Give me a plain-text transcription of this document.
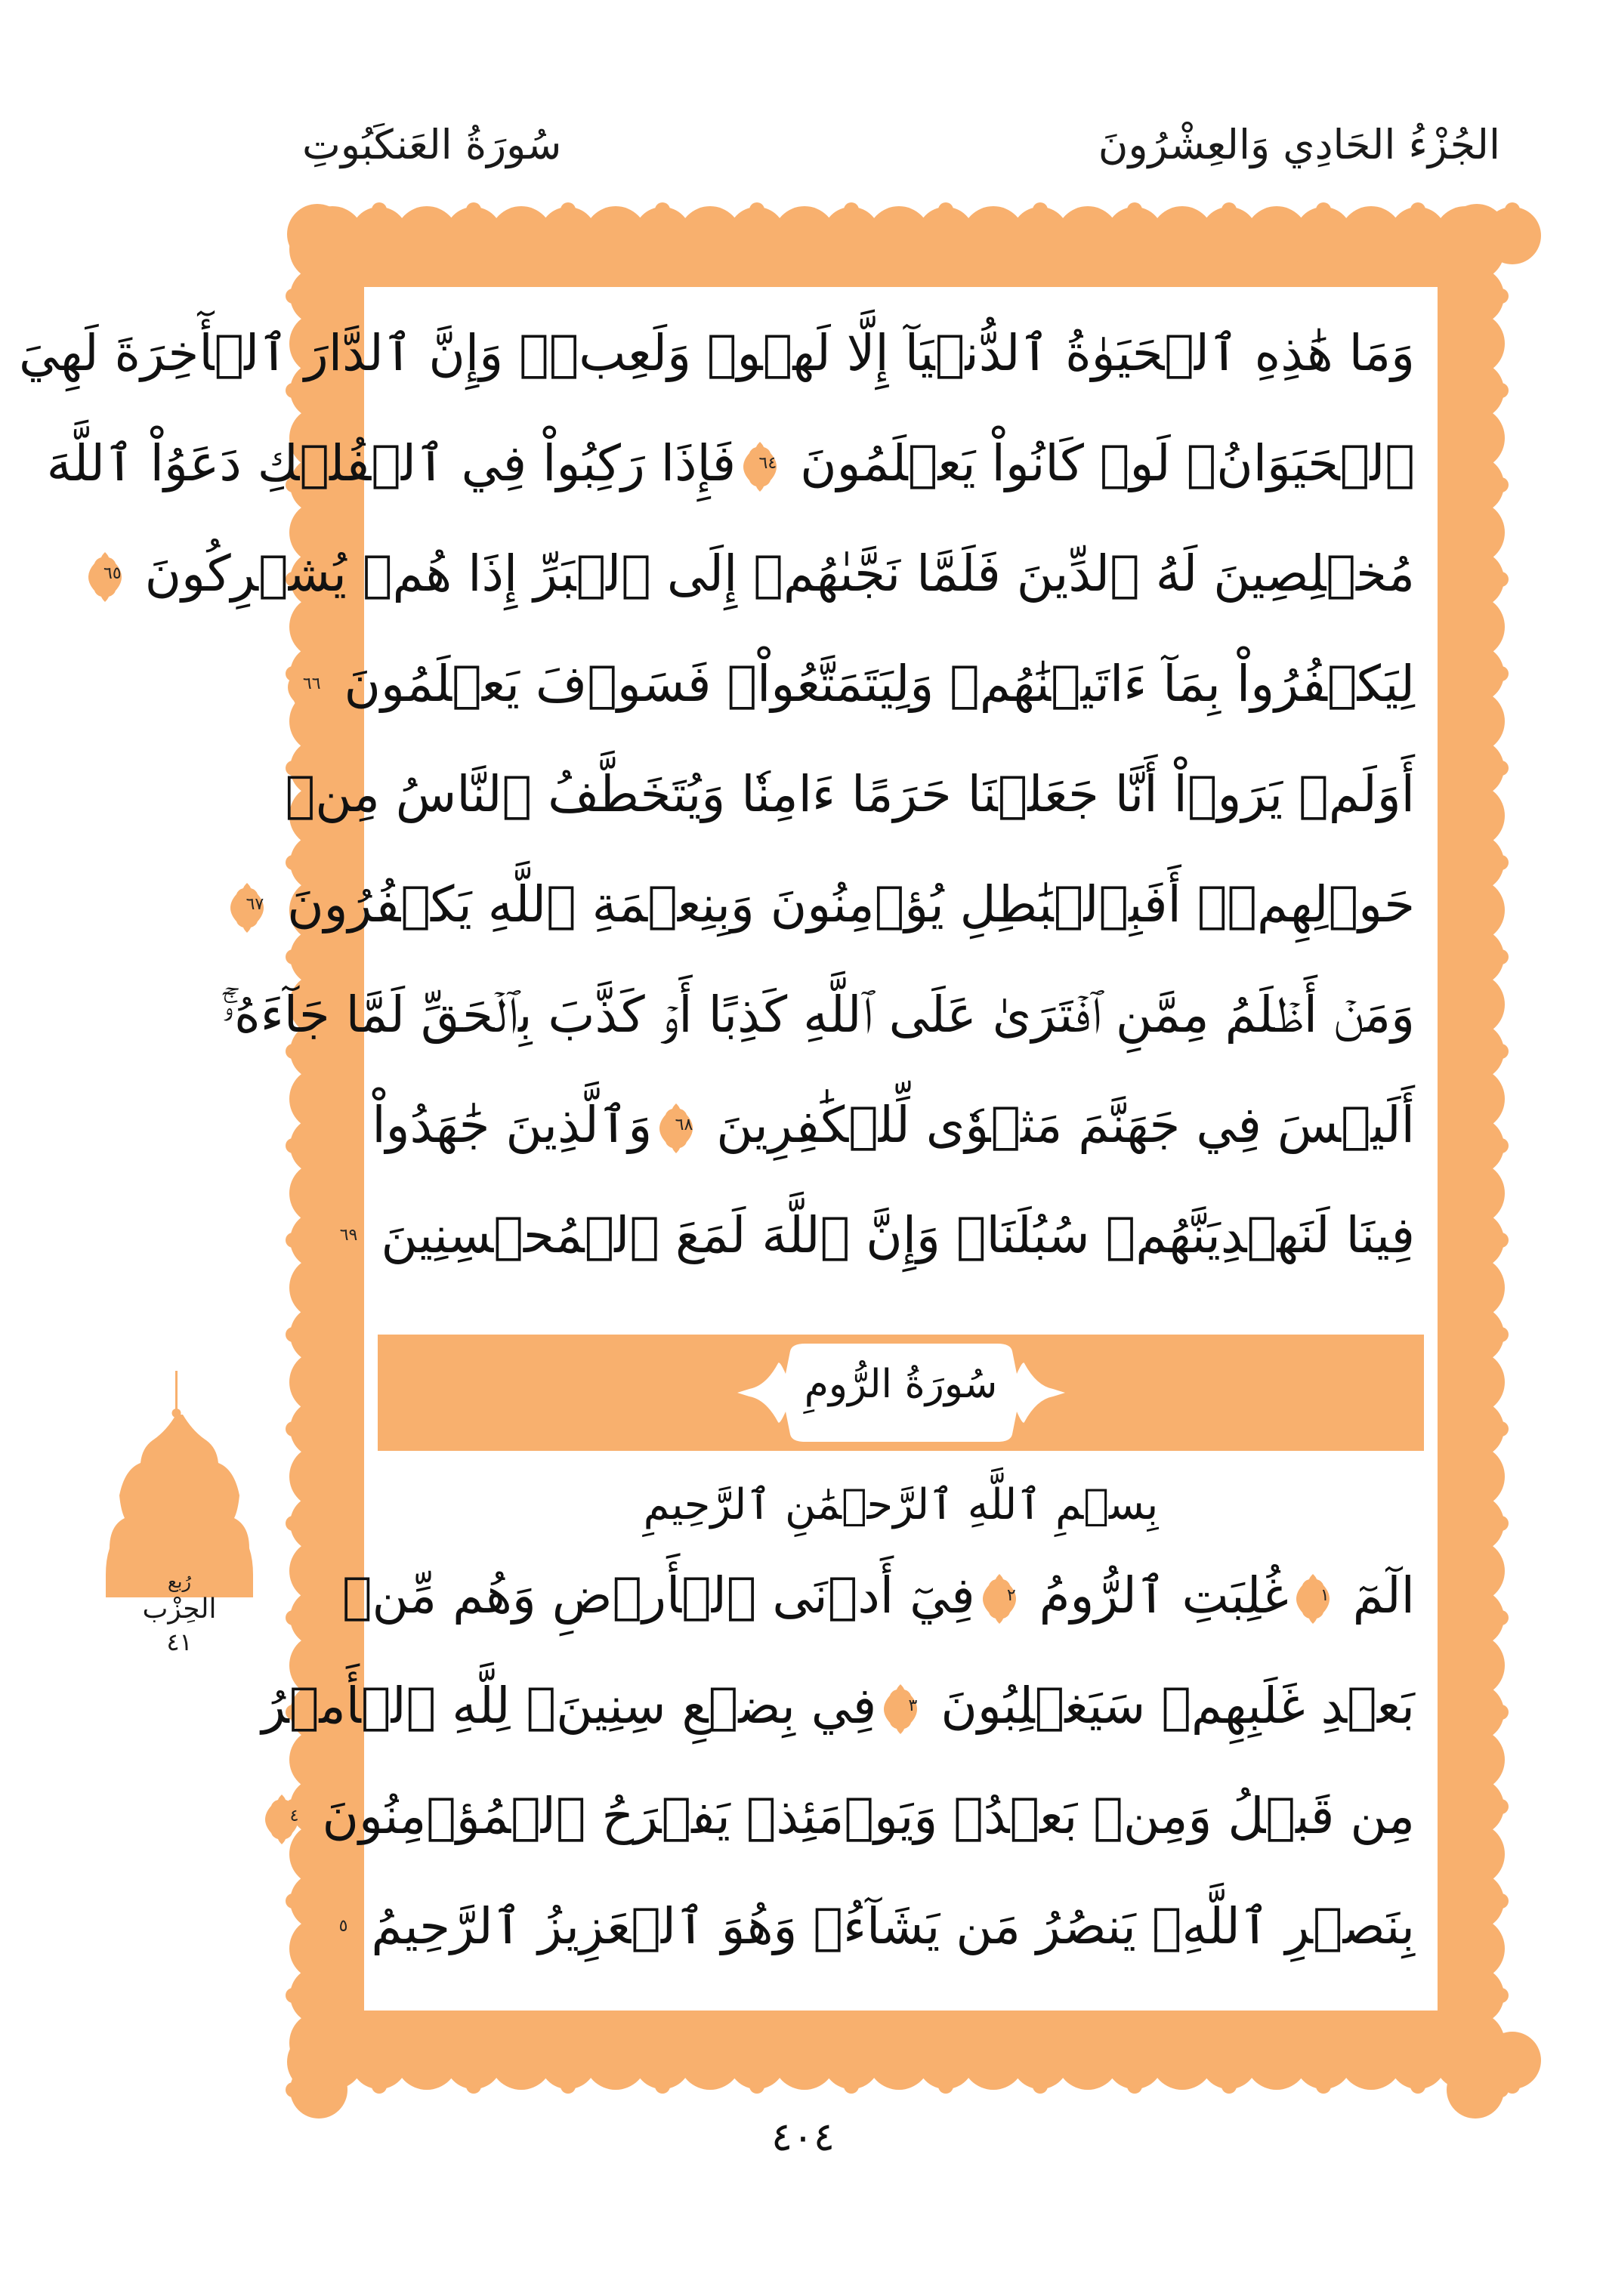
الجُزْءُ الحَادِي وَالعِشْرُونَ
سُورَةُ العَنكَبُوتِ
وَمَا هَٰذِهِ ٱلۡحَيَوٰةُ ٱلدُّنۡيَآ إِلَّا لَهۡوٞ وَلَعِبٞۚ وَإِنَّ ٱلدَّارَ ٱلۡأٓخِرَةَ لَهِيَ
ٱلۡحَيَوَانُۚ لَوۡ كَانُواْ يَعۡلَمُونَ
٦٤
فَإِذَا رَكِبُواْ فِي ٱلۡفُلۡكِ دَعَوُاْ ٱللَّهَ
مُخۡلِصِينَ لَهُ ٱلدِّينَ فَلَمَّا نَجَّىٰهُمۡ إِلَى ٱلۡبَرِّ إِذَا هُمۡ يُشۡرِكُونَ
٦٥
لِيَكۡفُرُواْ بِمَآ ءَاتَيۡنَٰهُمۡ وَلِيَتَمَتَّعُواْۖ فَسَوۡفَ يَعۡلَمُونَ
٦٦
أَوَلَمۡ يَرَوۡاْ أَنَّا جَعَلۡنَا حَرَمًا ءَامِنٗا وَيُتَخَطَّفُ ٱلنَّاسُ مِنۡ
حَوۡلِهِمۡۚ أَفَبِٱلۡبَٰطِلِ يُؤۡمِنُونَ وَبِنِعۡمَةِ ٱللَّهِ يَكۡفُرُونَ
٦٧
وَمَنۡ أَظۡلَمُ مِمَّنِ ٱفۡتَرَىٰ عَلَى ٱللَّهِ كَذِبًا أَوۡ كَذَّبَ بِٱلۡحَقِّ لَمَّا جَآءَهُۥٓۚ
أَلَيۡسَ فِي جَهَنَّمَ مَثۡوٗى لِّلۡكَٰفِرِينَ
٦٨
وَٱلَّذِينَ جَٰهَدُواْ
فِينَا لَنَهۡدِيَنَّهُمۡ سُبُلَنَاۚ وَإِنَّ ٱللَّهَ لَمَعَ ٱلۡمُحۡسِنِينَ
٦٩
سُورَةُ الرُّومِ
بِسۡمِ ٱللَّهِ ٱلرَّحۡمَٰنِ ٱلرَّحِيمِ
الٓمٓ
١
غُلِبَتِ ٱلرُّومُ
٢
فِيٓ أَدۡنَى ٱلۡأَرۡضِ وَهُم مِّنۢ
بَعۡدِ غَلَبِهِمۡ سَيَغۡلِبُونَ
٣
فِي بِضۡعِ سِنِينَۗ لِلَّهِ ٱلۡأَمۡرُ
مِن قَبۡلُ وَمِنۢ بَعۡدُۚ وَيَوۡمَئِذٖ يَفۡرَحُ ٱلۡمُؤۡمِنُونَ
٤
بِنَصۡرِ ٱللَّهِۚ يَنصُرُ مَن يَشَآءُۖ وَهُوَ ٱلۡعَزِيزُ ٱلرَّحِيمُ
٥
رُبع
الحِزْب
٤١
٤٠٤
